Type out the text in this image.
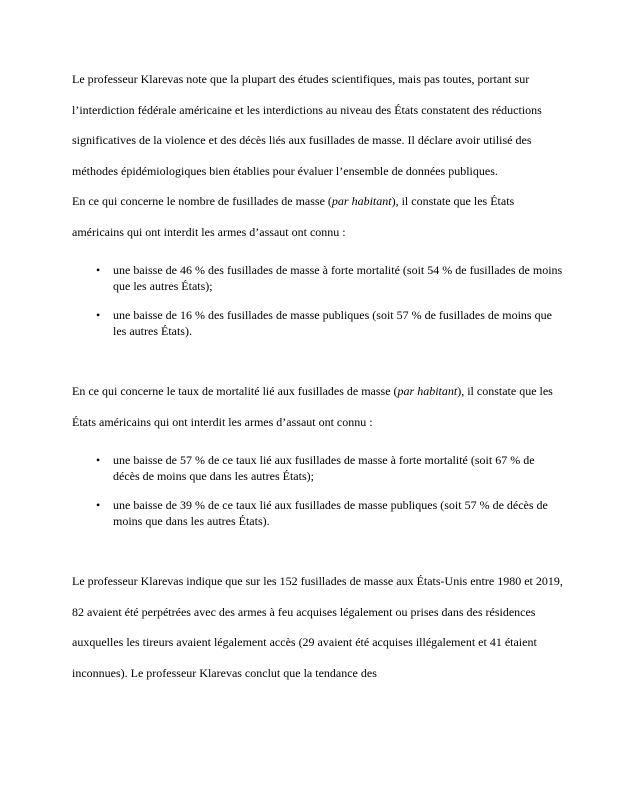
Le professeur Klarevas note que la plupart des études scientifiques, mais pas toutes, portant sur l’interdiction fédérale américaine et les interdictions au niveau des États constatent des réductions significatives de la violence et des décès liés aux fusillades de masse. Il déclare avoir utilisé des méthodes épidémiologiques bien établies pour évaluer l’ensemble de données publiques.

En ce qui concerne le nombre de fusillades de masse (par habitant), il constate que les États américains qui ont interdit les armes d’assaut ont connu :

• une baisse de 46 % des fusillades de masse à forte mortalité (soit 54 % de fusillades de moins que les autres États);
• une baisse de 16 % des fusillades de masse publiques (soit 57 % de fusillades de moins que les autres États).

En ce qui concerne le taux de mortalité lié aux fusillades de masse (par habitant), il constate que les États américains qui ont interdit les armes d’assaut ont connu :

• une baisse de 57 % de ce taux lié aux fusillades de masse à forte mortalité (soit 67 % de décès de moins que dans les autres États);
• une baisse de 39 % de ce taux lié aux fusillades de masse publiques (soit 57 % de décès de moins que dans les autres États).

Le professeur Klarevas indique que sur les 152 fusillades de masse aux États-Unis entre 1980 et 2019, 82 avaient été perpétrées avec des armes à feu acquises légalement ou prises dans des résidences auxquelles les tireurs avaient légalement accès (29 avaient été acquises illégalement et 41 étaient inconnues). Le professeur Klarevas conclut que la tendance des
